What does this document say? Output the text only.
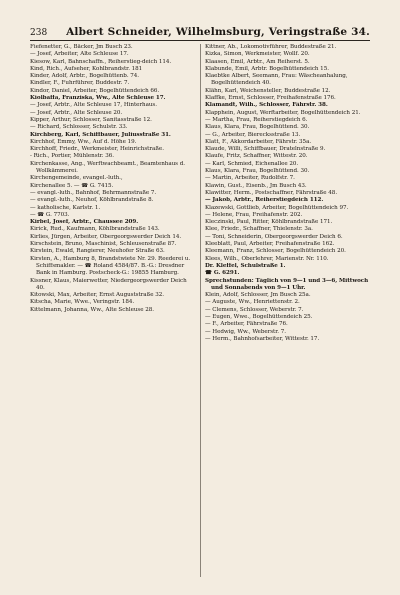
238	Albert Schneider, Wilhelmsburg, Veringstraße 34.
Fiefenetter, G., Bäcker, Jm Busch 23.
— Josef, Arbeiter, Alte Schleuse 17.
Kiesow, Karl, Bahnschaffn., Reiherstieg-deich 114.
Kind, Rich., Aufseher, Kohlbrandstr. 181
Kinder, Adolf, Arbtr., Bogelhüttenb. 74.
Kindler, F., Fuhrführer, Buddestr. 7.
Kindor, Daniel, Arbeiter, Bogelhüttendeich 66.
Kiolbaffa, Franziska, Ww., Alte Schleuse 17.
— Josef, Arbtr., Alte Schleuse 17, Hinterhaus.
— Josef, Arbtr., Alte Schleuse 20.
Kipper, Arthur, Schlosser, Sanitasstraße 12.
— Richard, Schlosser, Schulstr. 33.
Kirchberg, Karl, Schiffbauer, Juliusstraße 31.
Kirchhof, Emmy, Ww., Auf d. Höhe 19.
Kirchhoff, Friedr., Werkmeister, Heinrichstraße.
- Rich., Portier, Mühlenstr. 36.
Kirchenkasse, Ang., Werftwachbeamt., Beamtenhaus d. Wollkämmerei.
Kirchengemeinde, evangel.-luth.,
Kirchenallee 5. — ☎ G. 7415.
— evangl.-luth., Bahnhof, Behrmannstraße 7.
— evangl.-luth., Neuhof, Köhlbrandstraße 8.
— katholische, Karlstr. 1.
— ☎ G. 7703.
Kirbel, Josef, Arbtr., Chaussee 209.
Kirick, Rud., Kaufmann, Köhlbrandstraße 143.
Kirlies, Jürgen, Arbeiter, Obergeorgswerder Deich 14.
Kirschstein, Bruno, Maschinist, Schleusenstraße 87.
Kirstein, Ewald, Rangierer, Neuhofer Straße 63.
Kirsten, A., Hamburg 8, Brandstwiete Nr. 29. Reederei u. Schiffsmakler. — ☎ Roland 4584/87. B.-G.: Dresdner Bank in Hamburg. Postscheck-G.: 19855 Hamburg.
Kissner, Klaus, Maierwetter, Niedergeorgswerder Deich 40.
Kitowski, Max, Arbeiter, Ernst Auguststraße 32.
Kitscha, Marie, Wwe., Veringstr. 184.
Kittelmann, Johanna, Ww., Alte Schleuse 28.
Kittner, Ab., Lokomotivführer, Buddestraße 21.
Kizka, Simon, Werkmeister, Wollf. 20.
Klaasen, Emil, Arbtr., Am Reiherst. 5.
Klabunde, Emil, Arbtr. Bogelhüttendeich 15.
Klaebtke Albert, Seemann, Frau: Wäscheanhalung, Bogelhüttendeich 40.
Klähn, Karl, Weichensteller, Buddestraße 12.
Klaffke, Ernst, Schlosser, Freihafenstraße 176.
Klamandt, Wilh., Schlosser, Fährstr. 38.
Klapphein, August, Werftarbeiter, Bogelhüttendeich 21.
— Martha, Frau, Reiherstiegdeich 6.
Klaus, Klara, Frau, Bogelhüttend. 30.
— G., Arbeiter, Bierecksstraße 13.
Klatt, F., Akkordarbeiter, Fährstr. 35a.
Klaude, Willi, Schiffbauer, Dratelnstraße 9.
Klaufe, Fritz, Schaffner, Wittestr. 20.
— Karl, Schmied, Eichenallee 20.
Klaus, Klara, Frau, Bogelhüttend. 30.
— Martin, Arbeiter, Rudolfstr. 7.
Klawin, Gust., Eisenb., Jm Busch 43.
Klawitter, Herm., Postschaffner, Fährstraße 48.
— Jakob, Arbtr., Reiherstiegdeich 112.
Klazewski, Gottlieb, Arbeiter, Bogelhüttendeich 97.
— Helene, Frau, Freihafenstr. 202.
Kleczinski, Paul, Ritter, Köhlbrandstraße 171.
Klee, Friedr., Schaffner, Thielenstr. 3a.
— Toni, Schneiderin, Obergeorgswerder Deich 6.
Kleeblatt, Paul, Arbeiter, Freihafenstraße 162.
Kleemann, Franz, Schlosser, Bogelhüttendeich 20.
Klees, Wilh., Oberlehrer, Marienstr. Nr. 110.
Dr. Kleffel, Schulstraße 1.
☎ G. 6291.
Sprechstunden: Täglich von 9—1 und 3—6, Mittwoch und Sonnabends von 9—1 Uhr.
Klein, Adolf, Schlosser, Jm Busch 25a.
— Auguste, Ww., Henriettenstr. 2.
— Clemens, Schlosser, Weberstr. 7.
— Eugen, Wwe., Bogelhüttendeich 25.
— F., Arbeiter, Fährstraße 76.
— Hedwig, Ww., Weberstr. 7.
— Herm., Bahnhofsarbeiter, Wittestr. 17.
